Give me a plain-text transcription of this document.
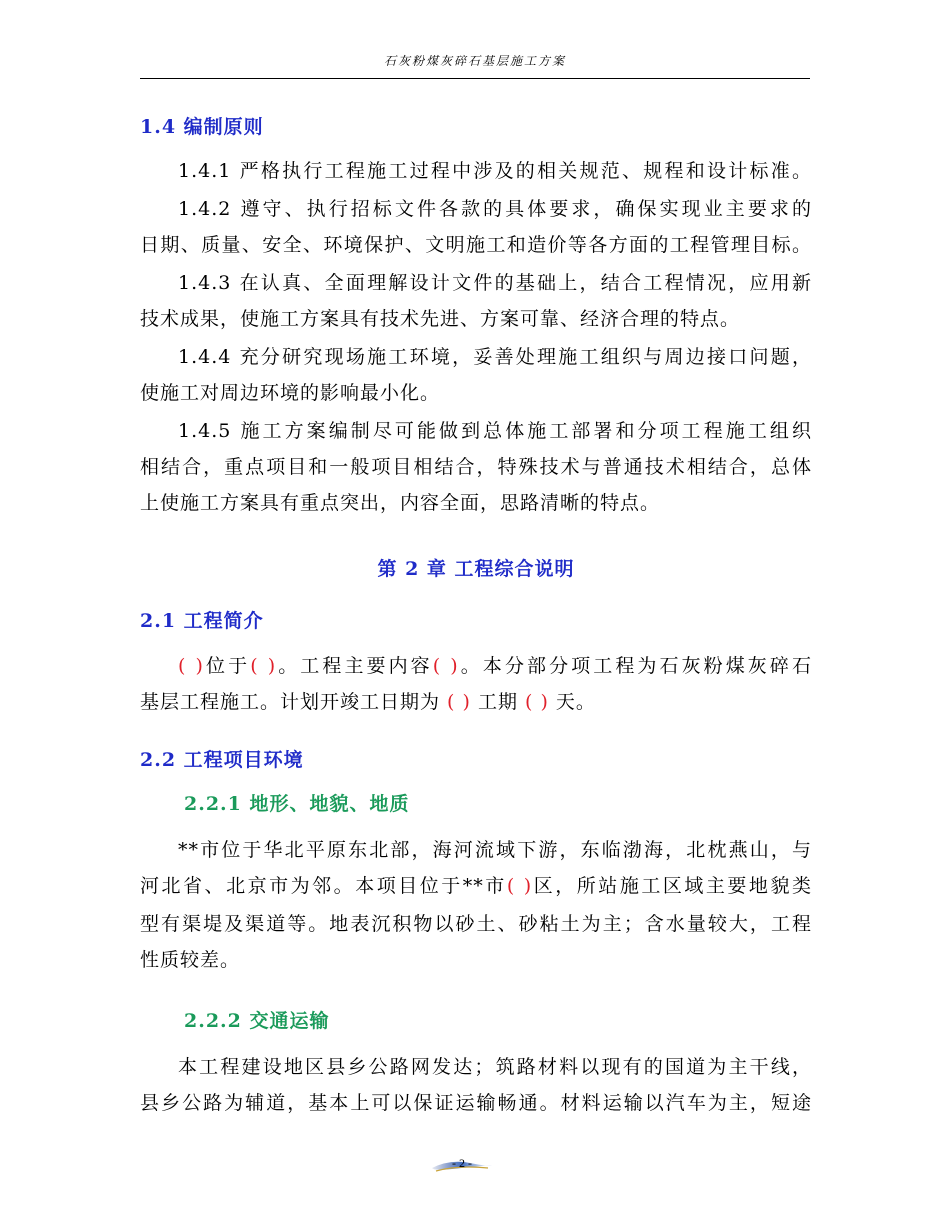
石灰粉煤灰碎石基层施工方案
1.4 编制原则
1.4.1 严格执行工程施工过程中涉及的相关规范、规程和设计标准。
1.4.2 遵守、执行招标文件各款的具体要求，确保实现业主要求的
日期、质量、安全、环境保护、文明施工和造价等各方面的工程管理目标。
1.4.3 在认真、全面理解设计文件的基础上，结合工程情况，应用新
技术成果，使施工方案具有技术先进、方案可靠、经济合理的特点。
1.4.4 充分研究现场施工环境，妥善处理施工组织与周边接口问题，
使施工对周边环境的影响最小化。
1.4.5 施工方案编制尽可能做到总体施工部署和分项工程施工组织
相结合，重点项目和一般项目相结合，特殊技术与普通技术相结合，总体
上使施工方案具有重点突出，内容全面，思路清晰的特点。
第 2 章 工程综合说明
2.1 工程简介
( )位于( )。工程主要内容( )。本分部分项工程为石灰粉煤灰碎石
基层工程施工。计划开竣工日期为 ( ) 工期 ( ) 天。
2.2 工程项目环境
2.2.1 地形、地貌、地质
**市位于华北平原东北部，海河流域下游，东临渤海，北枕燕山，与
河北省、北京市为邻。本项目位于**市( )区，所站施工区域主要地貌类
型有渠堤及渠道等。地表沉积物以砂土、砂粘土为主；含水量较大，工程
性质较差。
2.2.2 交通运输
本工程建设地区县乡公路网发达；筑路材料以现有的国道为主干线，
县乡公路为辅道，基本上可以保证运输畅通。材料运输以汽车为主，短途
- 2 -
